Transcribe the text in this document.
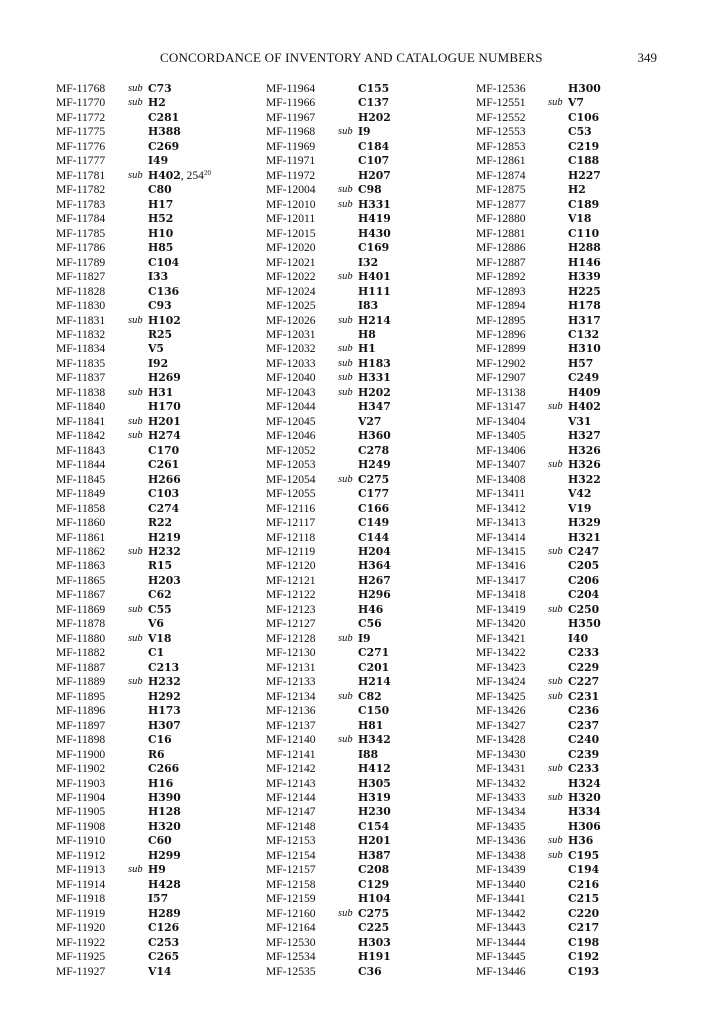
CONCORDANCE OF INVENTORY AND CATALOGUE NUMBERS	349
MF-11768 sub C73
MF-11770 sub H2
MF-11772	C281
MF-11775	H388
MF-11776	C269
MF-11777	I49
MF-11781 sub H402, $254^{20}$
MF-11782	C80
MF-11783	H17
MF-11784	H52
MF-11785	H10
MF-11786	H85
MF-11789	C104
MF-11827	I33
MF-11828	C136
MF-11830	C93
MF-11831 sub H102
MF-11832	R25
MF-11834	V5
MF-11835	I92
MF-11837	H269
MF-11838 sub H31
MF-11840	H170
MF-11841 sub H201
MF-11842 sub H274
MF-11843	C170
MF-11844	C261
MF-11845	H266
MF-11849	C103
MF-11858	C274
MF-11860	R22
MF-11861	H219
MF-11862 sub H232
MF-11863	R15
MF-11865	H203
MF-11867	C62
MF-11869 sub C55
MF-11878	V6
MF-11880 sub V18
MF-11882	C1
MF-11887	C213
MF-11889 sub H232
MF-11895	H292
MF-11896	H173
MF-11897	H307
MF-11898	C16
MF-11900	R6
MF-11902	C266
MF-11903	H16
MF-11904	H390
MF-11905	H128
MF-11908	H320
MF-11910	C60
MF-11912	H299
MF-11913 sub H9
MF-11914	H428
MF-11918	I57
MF-11919	H289
MF-11920	C126
MF-11922	C253
MF-11925	C265
MF-11927	V14
MF-11964	C155
MF-11966	C137
MF-11967	H202
MF-11968 sub I9
MF-11969	C184
MF-11971	C107
MF-11972	H207
MF-12004 sub C98
MF-12010 sub H331
MF-12011	H419
MF-12015	H430
MF-12020	C169
MF-12021	I32
MF-12022 sub H401
MF-12024	H111
MF-12025	I83
MF-12026 sub H214
MF-12031	H8
MF-12032 sub H1
MF-12033 sub H183
MF-12040 sub H331
MF-12043 sub H202
MF-12044	H347
MF-12045	V27
MF-12046	H360
MF-12052	C278
MF-12053	H249
MF-12054 sub C275
MF-12055	C177
MF-12116	C166
MF-12117	C149
MF-12118	C144
MF-12119	H204
MF-12120	H364
MF-12121	H267
MF-12122	H296
MF-12123	H46
MF-12127	C56
MF-12128 sub I9
MF-12130	C271
MF-12131	C201
MF-12133	H214
MF-12134 sub C82
MF-12136	C150
MF-12137	H81
MF-12140 sub H342
MF-12141	I88
MF-12142	H412
MF-12143	H305
MF-12144	H319
MF-12147	H230
MF-12148	C154
MF-12153	H201
MF-12154	H387
MF-12157	C208
MF-12158	C129
MF-12159	H104
MF-12160 sub C275
MF-12164	C225
MF-12530	H303
MF-12534	H191
MF-12535	C36
MF-12536	H300
MF-12551 sub V7
MF-12552	C106
MF-12553	C53
MF-12853	C219
MF-12861	C188
MF-12874	H227
MF-12875	H2
MF-12877	C189
MF-12880	V18
MF-12881	C110
MF-12886	H288
MF-12887	H146
MF-12892	H339
MF-12893	H225
MF-12894	H178
MF-12895	H317
MF-12896	C132
MF-12899	H310
MF-12902	H57
MF-12907	C249
MF-13138	H409
MF-13147 sub H402
MF-13404	V31
MF-13405	H327
MF-13406	H326
MF-13407 sub H326
MF-13408	H322
MF-13411	V42
MF-13412	V19
MF-13413	H329
MF-13414	H321
MF-13415 sub C247
MF-13416	C205
MF-13417	C206
MF-13418	C204
MF-13419 sub C250
MF-13420	H350
MF-13421	I40
MF-13422	C233
MF-13423	C229
MF-13424 sub C227
MF-13425 sub C231
MF-13426	C236
MF-13427	C237
MF-13428	C240
MF-13430	C239
MF-13431 sub C233
MF-13432	H324
MF-13433 sub H320
MF-13434	H334
MF-13435	H306
MF-13436 sub H36
MF-13438 sub C195
MF-13439	C194
MF-13440	C216
MF-13441	C215
MF-13442	C220
MF-13443	C217
MF-13444	C198
MF-13445	C192
MF-13446	C193
